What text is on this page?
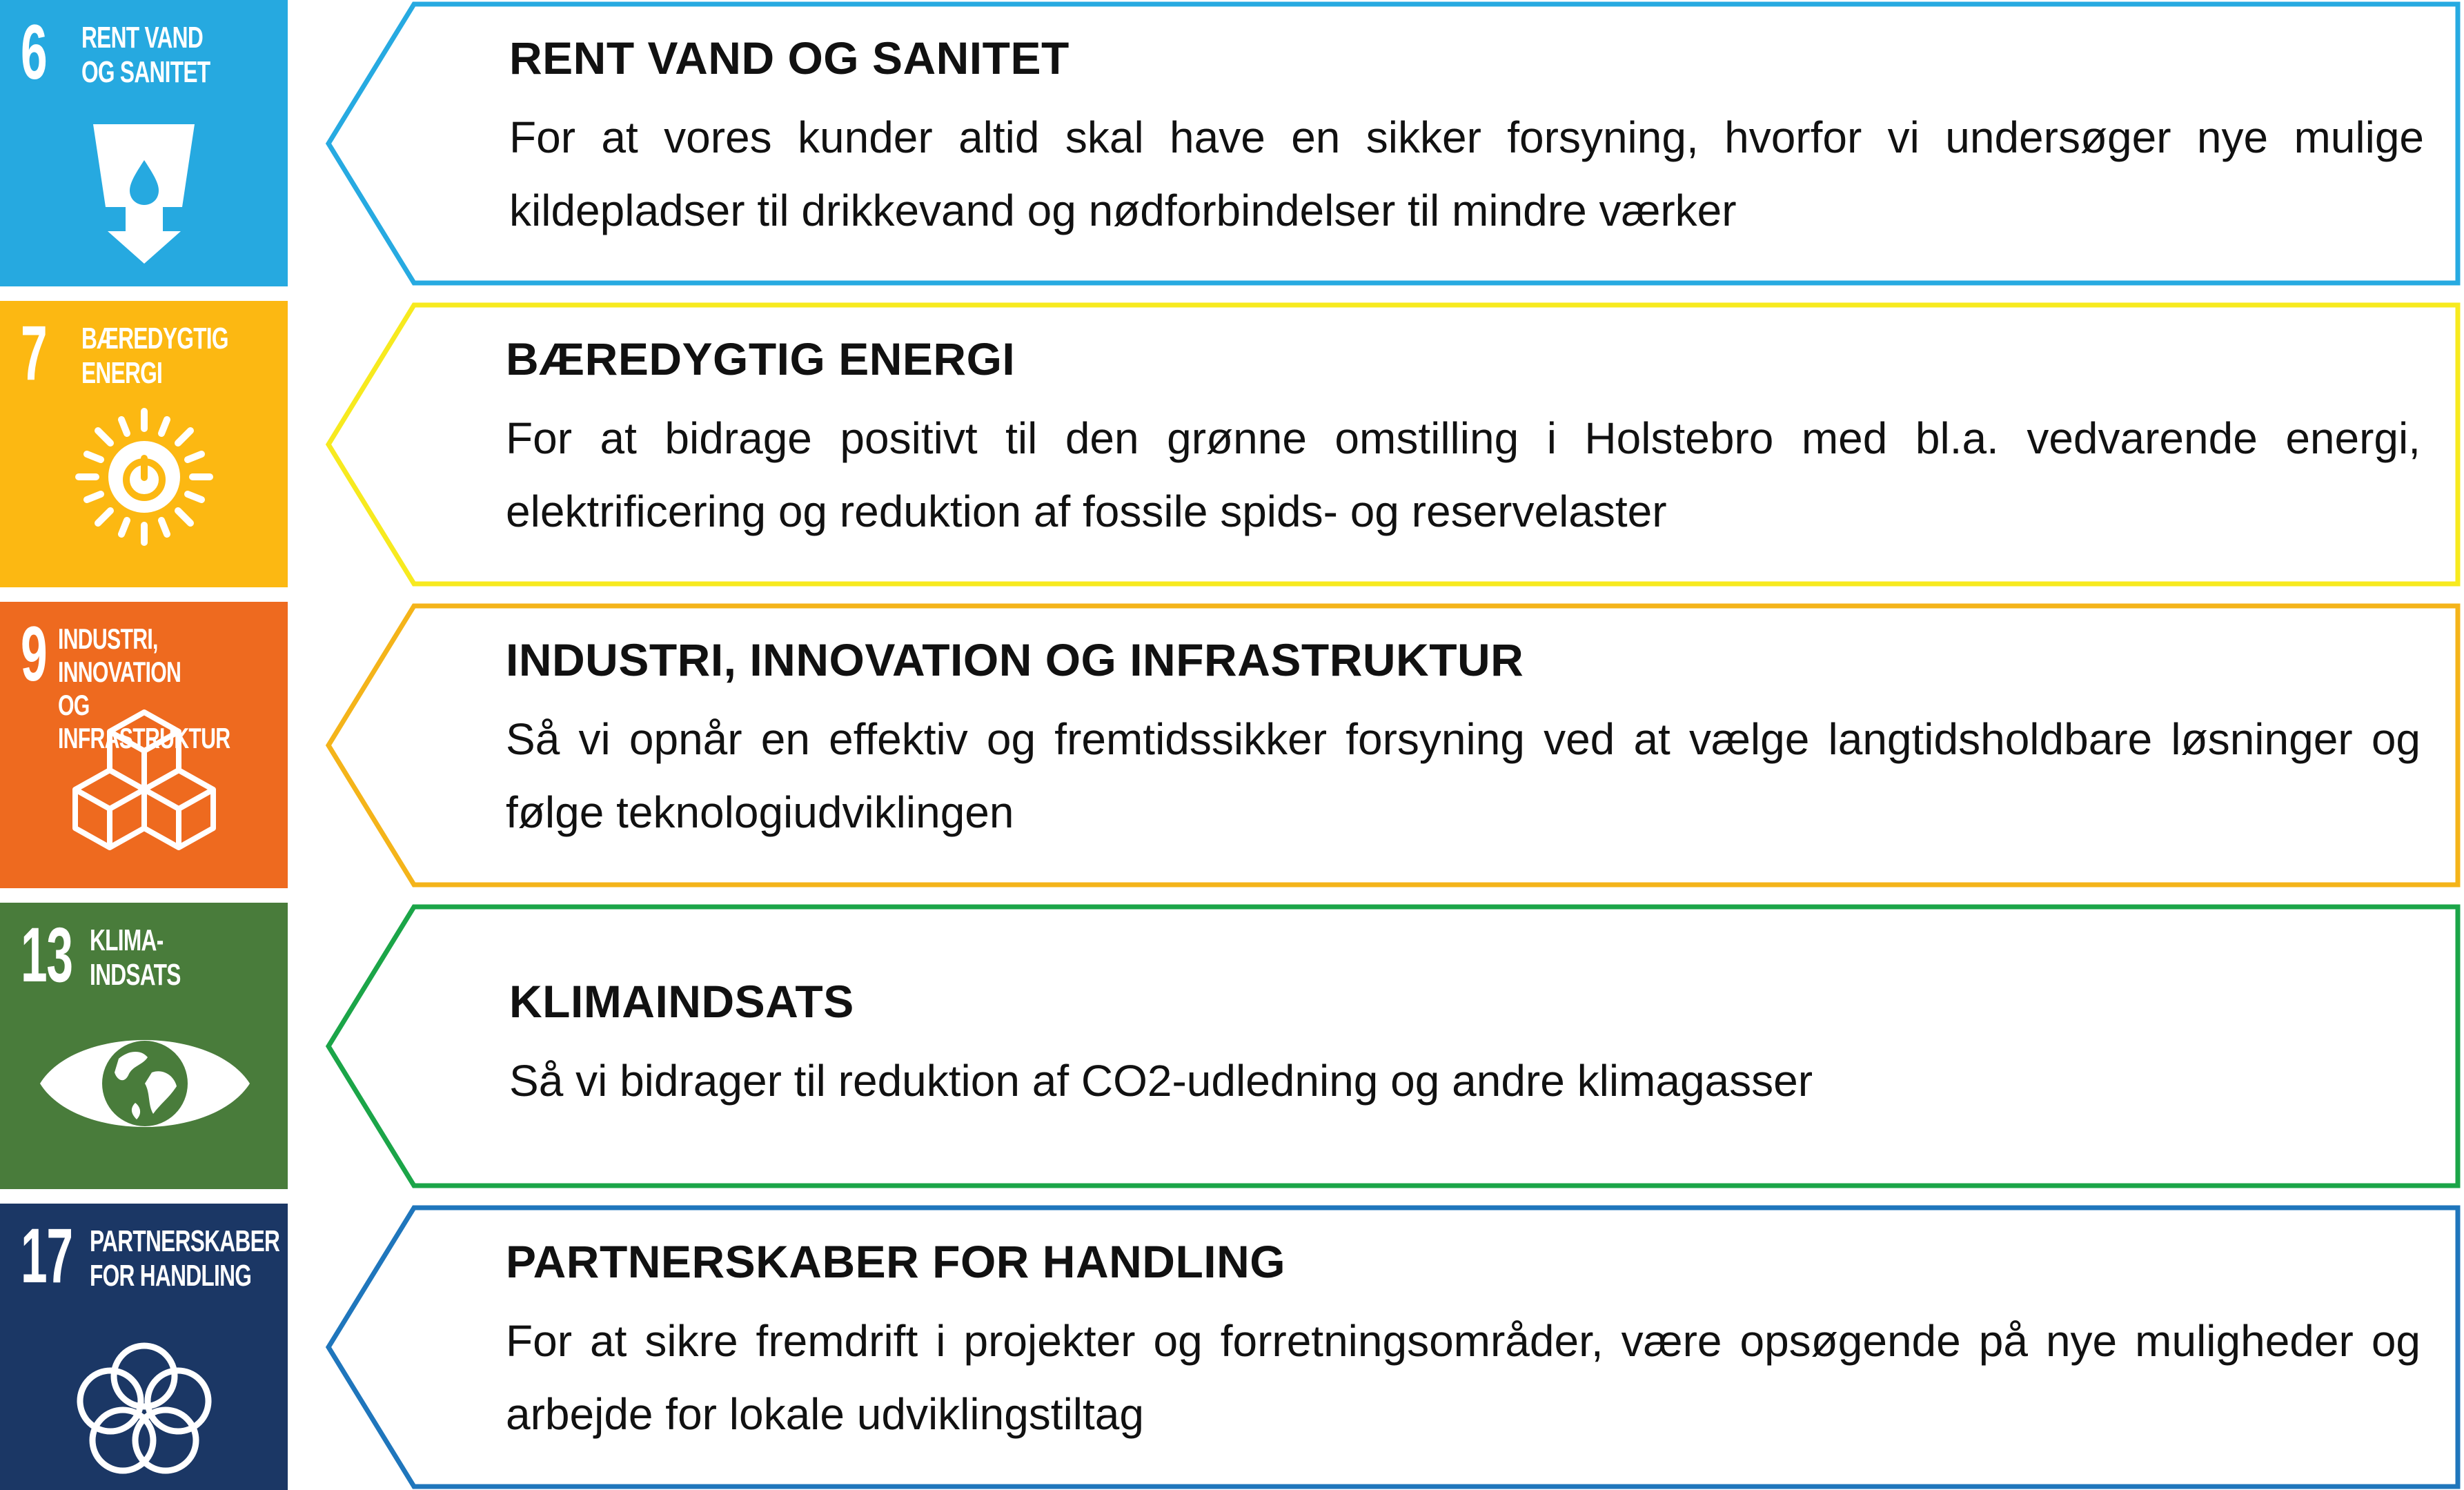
6 RENT VAND
OG SANITET	RENT VAND OG SANITET
For at vores kunder altid skal have en sikker forsyning, hvorfor vi undersøger nye mulige kildepladser til drikkevand og nødforbindelser til mindre værker
7 BÆREDYGTIG
ENERGI	BÆREDYGTIG ENERGI
For at bidrage positivt til den grønne omstilling i Holstebro med bl.a. vedvarende energi, elektrificering og reduktion af fossile spids- og reservelaster
9 INDUSTRI, INNOVATION
OG INFRASTRUKTUR
INDUSTRI, INNOVATION OG INFRASTRUKTUR
Så vi opnår en effektiv og fremtidssikker forsyning ved at vælge langtidsholdbare løsninger og følge teknologiudviklingen
13 KLIMA-
INDSATS
KLIMAINDSATS
Så vi bidrager til reduktion af CO2-udledning og andre klimagasser
17 PARTNERSKABER
FOR HANDLING	PARTNERSKABER FOR HANDLING
For at sikre fremdrift i projekter og forretningsområder, være opsøgende på nye muligheder og arbejde for lokale udviklingstiltag
